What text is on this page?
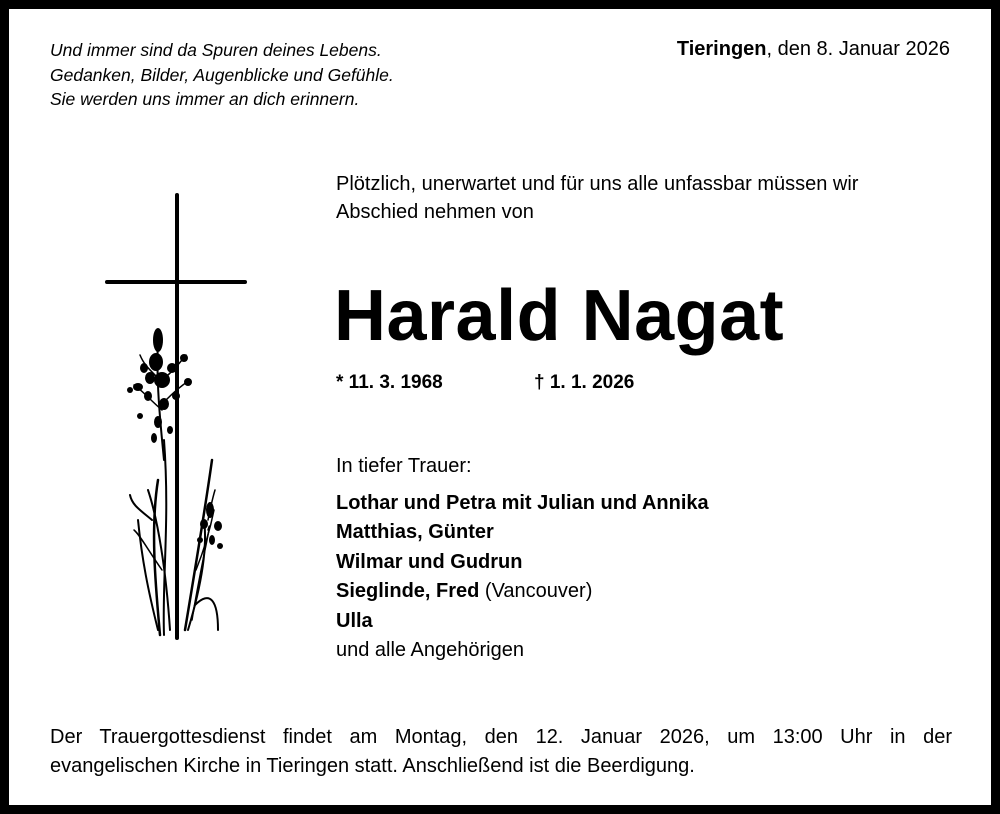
Und immer sind da Spuren deines Lebens.
Gedanken, Bilder, Augenblicke und Gefühle.
Sie werden uns immer an dich erinnern.
Tieringen, den 8. Januar 2026
Plötzlich, unerwartet und für uns alle unfassbar müssen wir
Abschied nehmen von
Harald Nagat
* 11. 3. 1968	† 1. 1. 2026
In tiefer Trauer:
Lothar und Petra mit Julian und Annika
Matthias, Günter
Wilmar und Gudrun
Sieglinde, Fred (Vancouver)
Ulla
und alle Angehörigen
Der Trauergottesdienst findet am Montag, den 12. Januar 2026, um 13:00 Uhr in der
evangelischen Kirche in Tieringen statt. Anschließend ist die Beerdigung.
